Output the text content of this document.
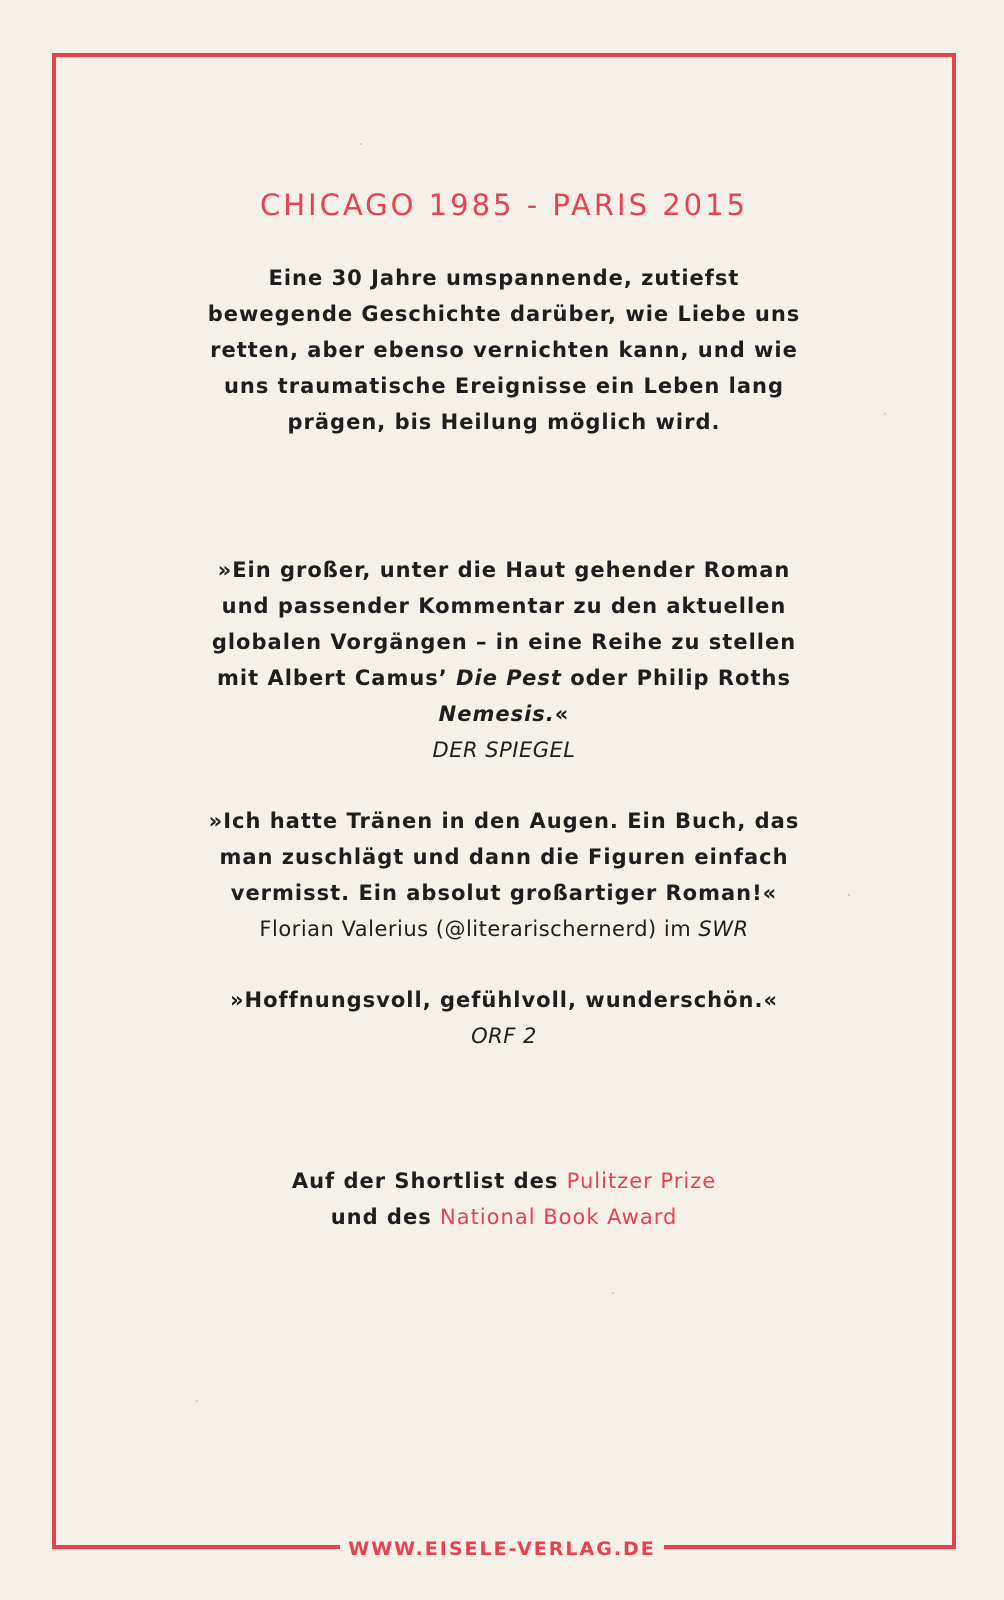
CHICAGO 1985 - PARIS 2015
Eine 30 Jahre umspannende, zutiefst
bewegende Geschichte darüber, wie Liebe uns
retten, aber ebenso vernichten kann, und wie
uns traumatische Ereignisse ein Leben lang
prägen, bis Heilung möglich wird.
»Ein großer, unter die Haut gehender Roman
und passender Kommentar zu den aktuellen
globalen Vorgängen – in eine Reihe zu stellen
mit Albert Camus’ Die Pest oder Philip Roths
Nemesis.«
DER SPIEGEL
»Ich hatte Tränen in den Augen. Ein Buch, das
man zuschlägt und dann die Figuren einfach
vermisst. Ein absolut großartiger Roman!«
Florian Valerius (@literarischernerd) im SWR
»Hoffnungsvoll, gefühlvoll, wunderschön.«
ORF 2
Auf der Shortlist des Pulitzer Prize
und des National Book Award
WWW.EISELE-VERLAG.DE
